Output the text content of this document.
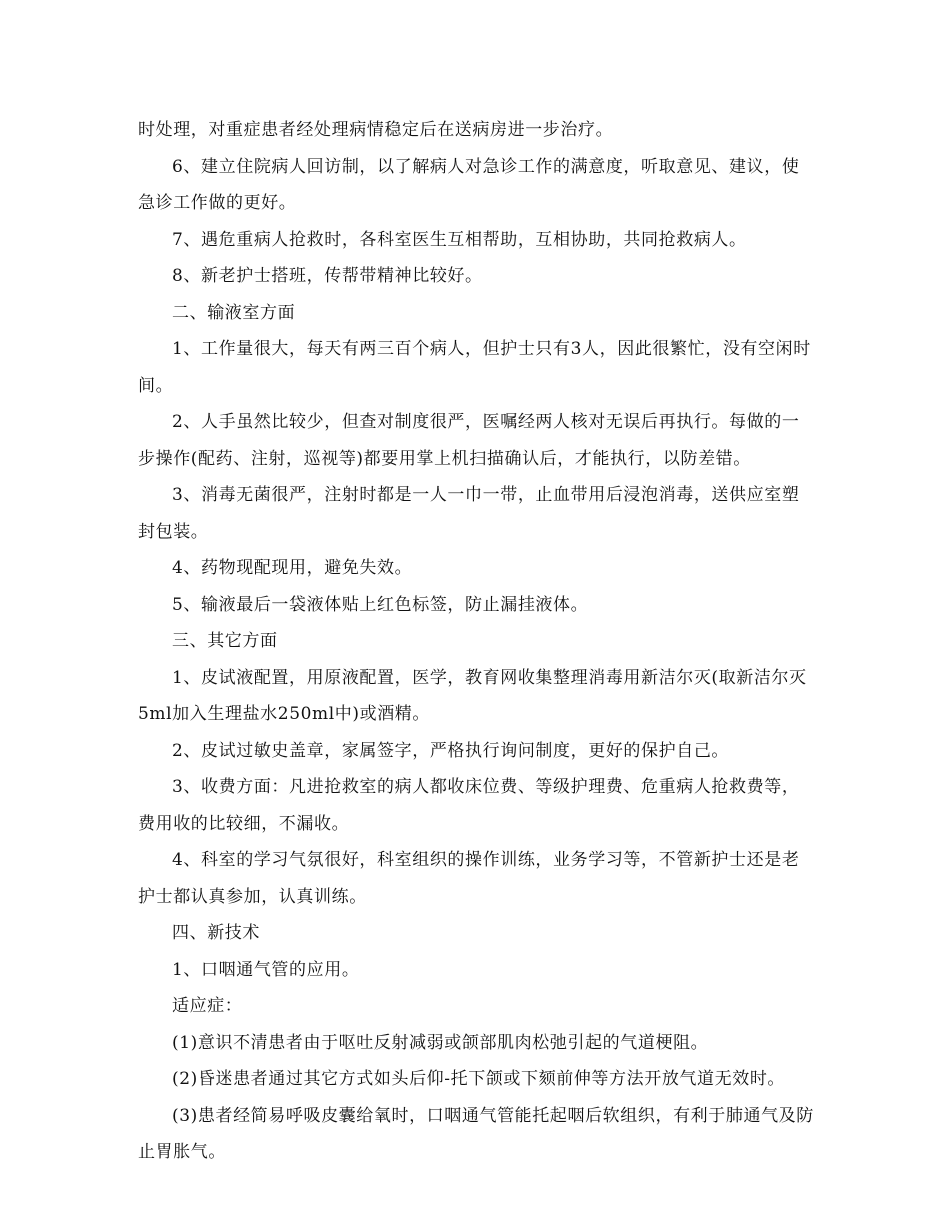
时处理，对重症患者经处理病情稳定后在送病房进一步治疗。

6、建立住院病人回访制，以了解病人对急诊工作的满意度，听取意见、建议，使急诊工作做的更好。

7、遇危重病人抢救时，各科室医生互相帮助，互相协助，共同抢救病人。

8、新老护士搭班，传帮带精神比较好。

二、输液室方面

1、工作量很大，每天有两三百个病人，但护士只有3人，因此很繁忙，没有空闲时间。

2、人手虽然比较少，但查对制度很严，医嘱经两人核对无误后再执行。每做的一步操作(配药、注射，巡视等)都要用掌上机扫描确认后，才能执行，以防差错。

3、消毒无菌很严，注射时都是一人一巾一带，止血带用后浸泡消毒，送供应室塑封包装。

4、药物现配现用，避免失效。

5、输液最后一袋液体贴上红色标签，防止漏挂液体。

三、其它方面

1、皮试液配置，用原液配置，医学，教育网收集整理消毒用新洁尔灭(取新洁尔灭5ml加入生理盐水250ml中)或酒精。

2、皮试过敏史盖章，家属签字，严格执行询问制度，更好的保护自己。

3、收费方面：凡进抢救室的病人都收床位费、等级护理费、危重病人抢救费等，费用收的比较细，不漏收。

4、科室的学习气氛很好，科室组织的操作训练，业务学习等，不管新护士还是老护士都认真参加，认真训练。

四、新技术

1、口咽通气管的应用。

适应症：

(1)意识不清患者由于呕吐反射减弱或颌部肌肉松弛引起的气道梗阻。

(2)昏迷患者通过其它方式如头后仰-托下颌或下颏前伸等方法开放气道无效时。

(3)患者经简易呼吸皮囊给氧时，口咽通气管能托起咽后软组织，有利于肺通气及防止胃胀气。
